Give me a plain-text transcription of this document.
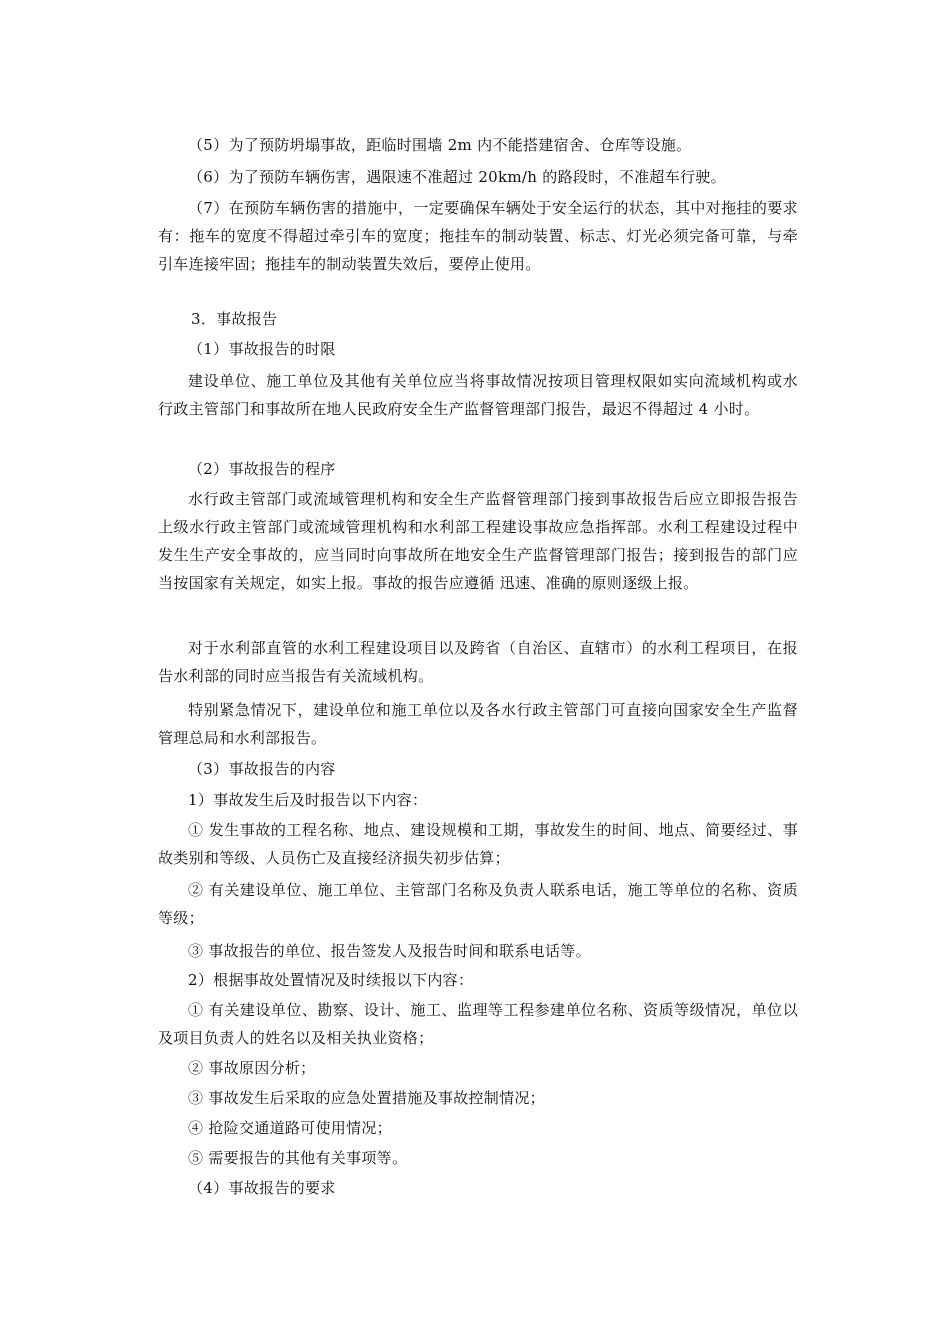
（5）为了预防坍塌事故，距临时围墙 2m 内不能搭建宿舍、仓库等设施。

（6）为了预防车辆伤害，遇限速不准超过 20km/h 的路段时，不准超车行驶。

（7）在预防车辆伤害的措施中，一定要确保车辆处于安全运行的状态，其中对拖挂的要求有：拖车的宽度不得超过牵引车的宽度；拖挂车的制动装置、标志、灯光必须完备可靠，与牵引车连接牢固；拖挂车的制动装置失效后，要停止使用。

3．事故报告

（1）事故报告的时限

建设单位、施工单位及其他有关单位应当将事故情况按项目管理权限如实向流域机构或水行政主管部门和事故所在地人民政府安全生产监督管理部门报告，最迟不得超过 4 小时。

（2）事故报告的程序

水行政主管部门或流域管理机构和安全生产监督管理部门接到事故报告后应立即报告报告上级水行政主管部门或流域管理机构和水利部工程建设事故应急指挥部。水利工程建设过程中发生生产安全事故的，应当同时向事故所在地安全生产监督管理部门报告；接到报告的部门应当按国家有关规定，如实上报。事故的报告应遵循 迅速、准确的原则逐级上报。

对于水利部直管的水利工程建设项目以及跨省（自治区、直辖市）的水利工程项目，在报告水利部的同时应当报告有关流域机构。

特别紧急情况下，建设单位和施工单位以及各水行政主管部门可直接向国家安全生产监督管理总局和水利部报告。

（3）事故报告的内容

1）事故发生后及时报告以下内容：

① 发生事故的工程名称、地点、建设规模和工期，事故发生的时间、地点、简要经过、事故类别和等级、人员伤亡及直接经济损失初步估算；

② 有关建设单位、施工单位、主管部门名称及负责人联系电话，施工等单位的名称、资质等级；

③ 事故报告的单位、报告签发人及报告时间和联系电话等。

2）根据事故处置情况及时续报以下内容：

① 有关建设单位、勘察、设计、施工、监理等工程参建单位名称、资质等级情况，单位以及项目负责人的姓名以及相关执业资格；

② 事故原因分析；

③ 事故发生后采取的应急处置措施及事故控制情况；

④ 抢险交通道路可使用情况；

⑤ 需要报告的其他有关事项等。

（4）事故报告的要求
